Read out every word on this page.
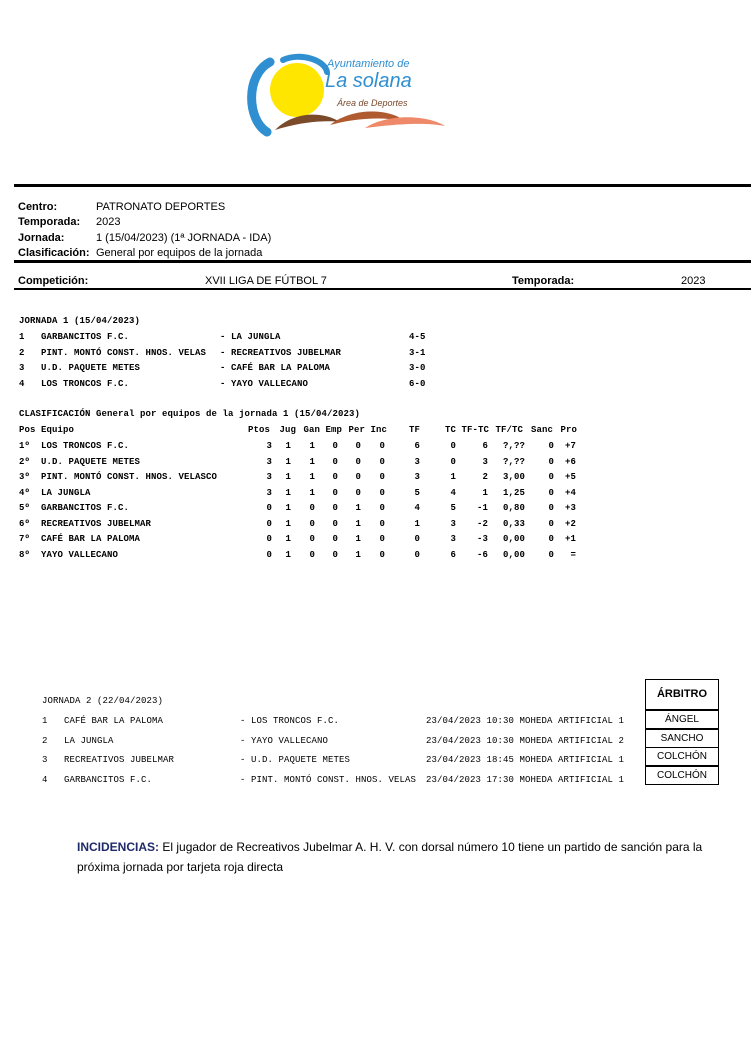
Ayuntamiento de
La solana
Área de Deportes
Centro:	PATRONATO DEPORTES
Temporada: 2023
Jornada:	1 (15/04/2023) (1ª JORNADA - IDA)
Clasificación: General por equipos de la jornada
Competición:	XVII LIGA DE FÚTBOL 7	Temporada:	2023
JORNADA 1 (15/04/2023)
1 GARBANCITOS F.C.	- LA JUNGLA	4-5
2 PINT. MONTÓ CONST. HNOS. VELAS - RECREATIVOS JUBELMAR	3-1
3 U.D. PAQUETE METES	- CAFÉ BAR LA PALOMA	3-0
4 LOS TRONCOS F.C.	- YAYO VALLECANO	6-0
CLASIFICACIÓN General por equipos de la jornada 1 (15/04/2023)
Pos Equipo	Ptos Jug Gan Emp Per Inc TF	TC TF-TC TF/TC Sanc Pro
1º LOS TRONCOS F.C.	3 1 1 0 0 0	6	0	6 ?,??	0 +7
2º U.D. PAQUETE METES	3 1 1 0 0 0	3	0	3 ?,??	0 +6
3º PINT. MONTÓ CONST. HNOS. VELASCO	3 1 1 0 0 0	3	1	2 3,00	0 +5
4º LA JUNGLA	3 1 1 0 0 0	5	4	1 1,25	0 +4
5º GARBANCITOS F.C.	0 1 0 0 1 0	4	5 -1 0,80	0 +3
6º RECREATIVOS JUBELMAR	0 1 0 0 1 0	1	3 -2 0,33	0 +2
7º CAFÉ BAR LA PALOMA	0 1 0 0 1 0	0	3 -3 0,00	0 +1
8º YAYO VALLECANO	0 1 0 0 1 0	0	6 -6 0,00	0 =
JORNADA 2 (22/04/2023)
ÁRBITRO
1 CAFÉ BAR LA PALOMA	- LOS TRONCOS F.C.	23/04/2023 10:30 MOHEDA ARTIFICIAL 1	ÁNGEL
2 LA JUNGLA	- YAYO VALLECANO	23/04/2023 10:30 MOHEDA ARTIFICIAL 2	SANCHO
3 RECREATIVOS JUBELMAR	- U.D. PAQUETE METES	23/04/2023 18:45 MOHEDA ARTIFICIAL 1	COLCHÓN
4 GARBANCITOS F.C.	- PINT. MONTÓ CONST. HNOS. VELAS 23/04/2023 17:30 MOHEDA ARTIFICIAL 1	COLCHÓN
INCIDENCIAS: El jugador de Recreativos Jubelmar A. H. V. con dorsal número 10 tiene un partido de sanción para la
próxima jornada por tarjeta roja directa
